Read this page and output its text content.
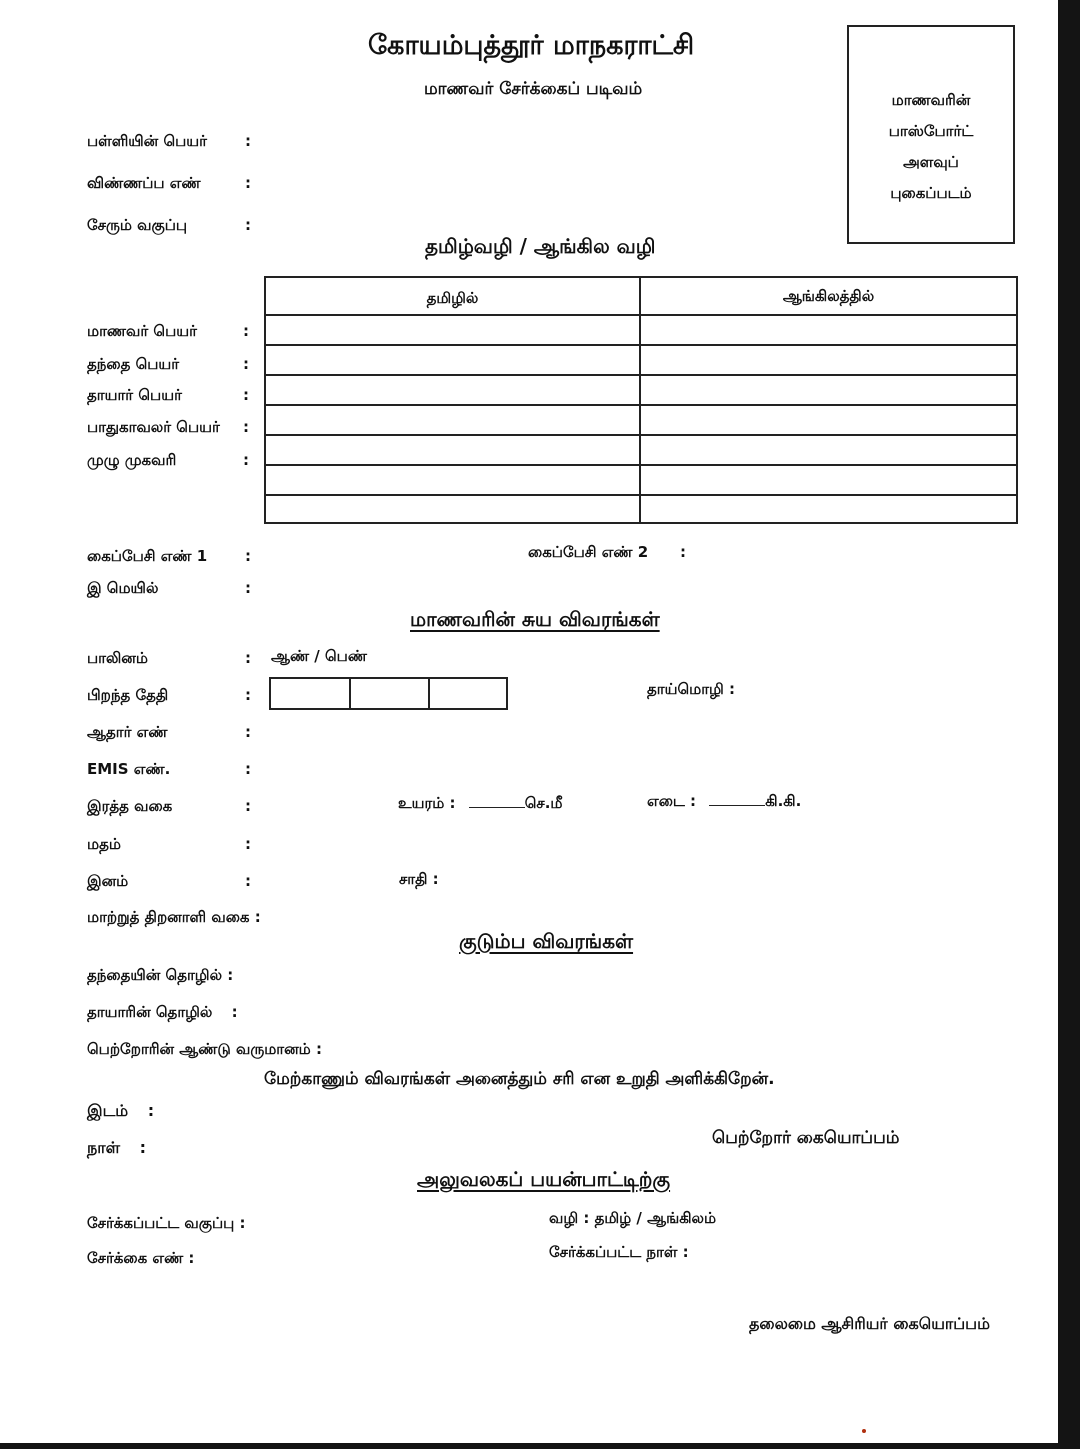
கோயம்புத்தூர் மாநகராட்சி
மாணவர் சேர்க்கைப் படிவம்
மாணவரின்
பாஸ்போர்ட்
அளவுப்
புகைப்படம்
பள்ளியின் பெயர்	:
விண்ணப்ப எண்	:
சேரும் வகுப்பு	:
தமிழ்வழி / ஆங்கில வழி
தமிழில்	ஆங்கிலத்தில்
மாணவர் பெயர்	:
தந்தை பெயர்	:
தாயார் பெயர்	:
பாதுகாவலர் பெயர் :
முழு முகவரி	:
கைப்பேசி எண் 1	:	கைப்பேசி எண் 2 :
இ மெயில்	:
மாணவரின் சுய விவரங்கள்
பாலினம்	: ஆண் / பெண்
பிறந்த தேதி	:	தாய்மொழி :
ஆதார் எண்	:
EMIS எண்.	:
இரத்த வகை	:	உயரம் :	செ.மீ	எடை :	கி.கி.
மதம்	:
இனம்	:	சாதி :
மாற்றுத் திறனாளி வகை :
குடும்ப விவரங்கள்
தந்தையின் தொழில் :
தாயாரின் தொழில் :
பெற்றோரின் ஆண்டு வருமானம் :
மேற்காணும் விவரங்கள் அனைத்தும் சரி என உறுதி அளிக்கிறேன்.
இடம் :
நாள் :	பெற்றோர் கையொப்பம்
அலுவலகப் பயன்பாட்டிற்கு
சேர்க்கப்பட்ட வகுப்பு :	வழி : தமிழ் / ஆங்கிலம்
சேர்க்கை எண் :	சேர்க்கப்பட்ட நாள் :
தலைமை ஆசிரியர் கையொப்பம்
